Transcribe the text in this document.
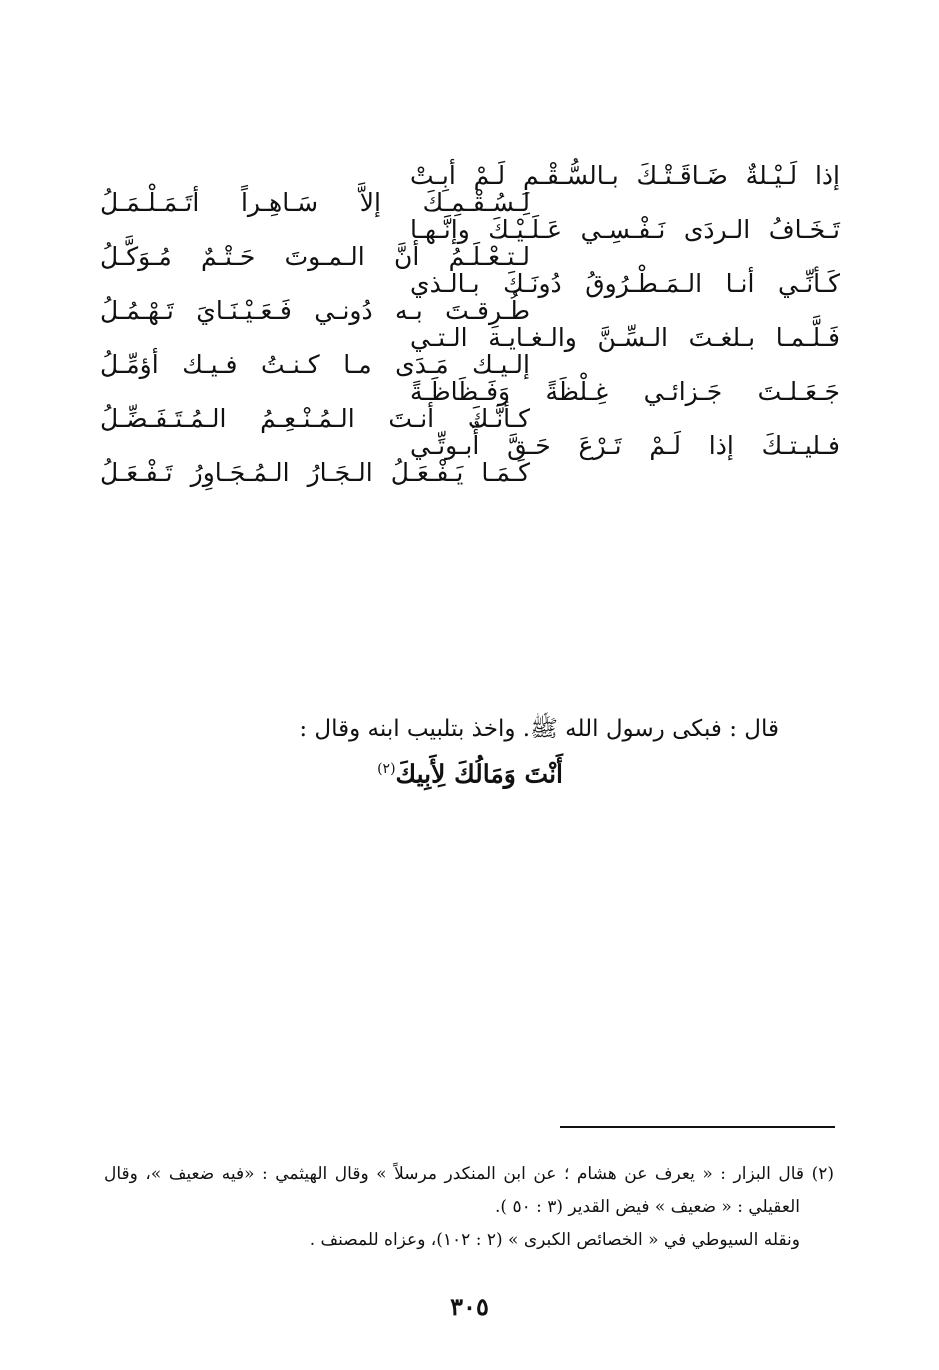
إذا لَـيْـلةٌ ضَـاقَـتْـكَ بـالسُّـقْـمِ لَـمْ أبِـتْ
لِـسُـقْـمِـكَ إلاَّ سَـاهِـراً أتَـمَـلْـمَـلُ
تَـخَـافُ الـردَى نَـفْـسِـي عَـلَـيْـكَ وإنَّـهـا
لـتـعْـلَـمُ أنَّ الـمـوتَ حَـتْـمٌ مُـوَكَّـلُ
كَـأنِّـي أنـا الـمَـطْـرُوقُ دُونَـكَ بـالـذي
طُـرِقـتَ بـه دُونـي فَـعَـيْـنَـايَ تَـهْـمُـلُ
فَـلَّـمـا بـلغـتَ الـسِّـنَّ والـغـايـة الـتـي
إلـيـك مَـدَى مـا كـنـتُ فـيـك أؤمِّـلُ
جَـعَـلـتَ جَـزائـي غِـلْظَةً وَفَـظَاظَـةً
كـأنَّـكَ أنـتَ الـمُـنْـعِـمُ الـمُـتَـفَـضِّـلُ
فـليـتـكَ إذا لَـمْ تَـرْعَ حَـقَّ أُبـوتِّـي
كَـمَـا يَـفْـعَـلُ الـجَـارُ الـمُـجَـاوِرُ تَـفْـعَـلُ
قال : فبكى رسول الله ﷺ. واخذ بتلبيب ابنه وقال :
أَنْتَ وَمَالُكَ لِأَبِيكَ$^{(٢)}$
(٢) قال البزار : « يعرف عن هشام ؛ عن ابن المنكدر مرسلاً » وقال الهيثمي : «فيه ضعيف »، وقال
العقيلي : « ضعيف » فيض القدير (٣ : ٥٠ ).
ونقله السيوطي في « الخصائص الكبرى » (٢ : ١٠٢)، وعزاه للمصنف .
٣٠٥
